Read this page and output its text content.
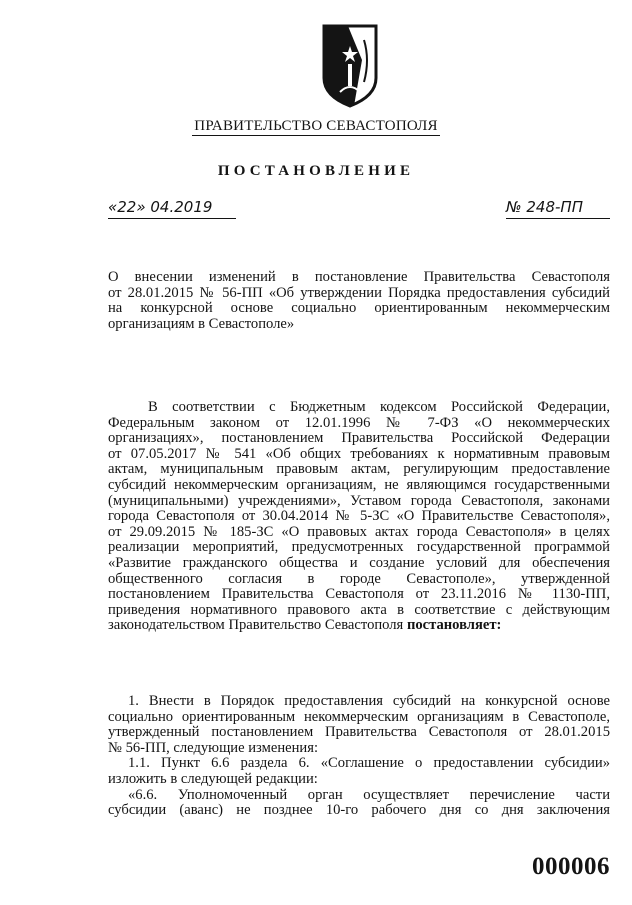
ПРАВИТЕЛЬСТВО СЕВАСТОПОЛЯ
ПОСТАНОВЛЕНИЕ
«22» 04.2019	№ 248-ПП
О внесении изменений в постановление Правительства Севастополя
от 28.01.2015 № 56-ПП «Об утверждении Порядка предоставления субсидий
на конкурсной основе социально ориентированным некоммерческим
организациям в Севастополе»
В соответствии с Бюджетным кодексом Российской Федерации,
Федеральным законом от 12.01.1996 № 7-ФЗ «О некоммерческих
организациях», постановлением Правительства Российской Федерации
от 07.05.2017 № 541 «Об общих требованиях к нормативным правовым
актам, муниципальным правовым актам, регулирующим предоставление
субсидий некоммерческим организациям, не являющимся государственными
(муниципальными) учреждениями», Уставом города Севастополя, законами
города Севастополя от 30.04.2014 № 5-ЗС «О Правительстве Севастополя»,
от 29.09.2015 № 185-ЗС «О правовых актах города Севастополя» в целях
реализации мероприятий, предусмотренных государственной программой
«Развитие гражданского общества и создание условий для обеспечения
общественного согласия в городе Севастополе», утвержденной
постановлением Правительства Севастополя от 23.11.2016 № 1130-ПП,
приведения нормативного правового акта в соответствие с действующим
законодательством Правительство Севастополя постановляет:
1. Внести в Порядок предоставления субсидий на конкурсной основе
социально ориентированным некоммерческим организациям в Севастополе,
утвержденный постановлением Правительства Севастополя от 28.01.2015
№ 56-ПП, следующие изменения:
1.1. Пункт 6.6 раздела 6. «Соглашение о предоставлении субсидии»
изложить в следующей редакции:
«6.6. Уполномоченный орган осуществляет перечисление части
субсидии (аванс) не позднее 10-го рабочего дня со дня заключения
000006
